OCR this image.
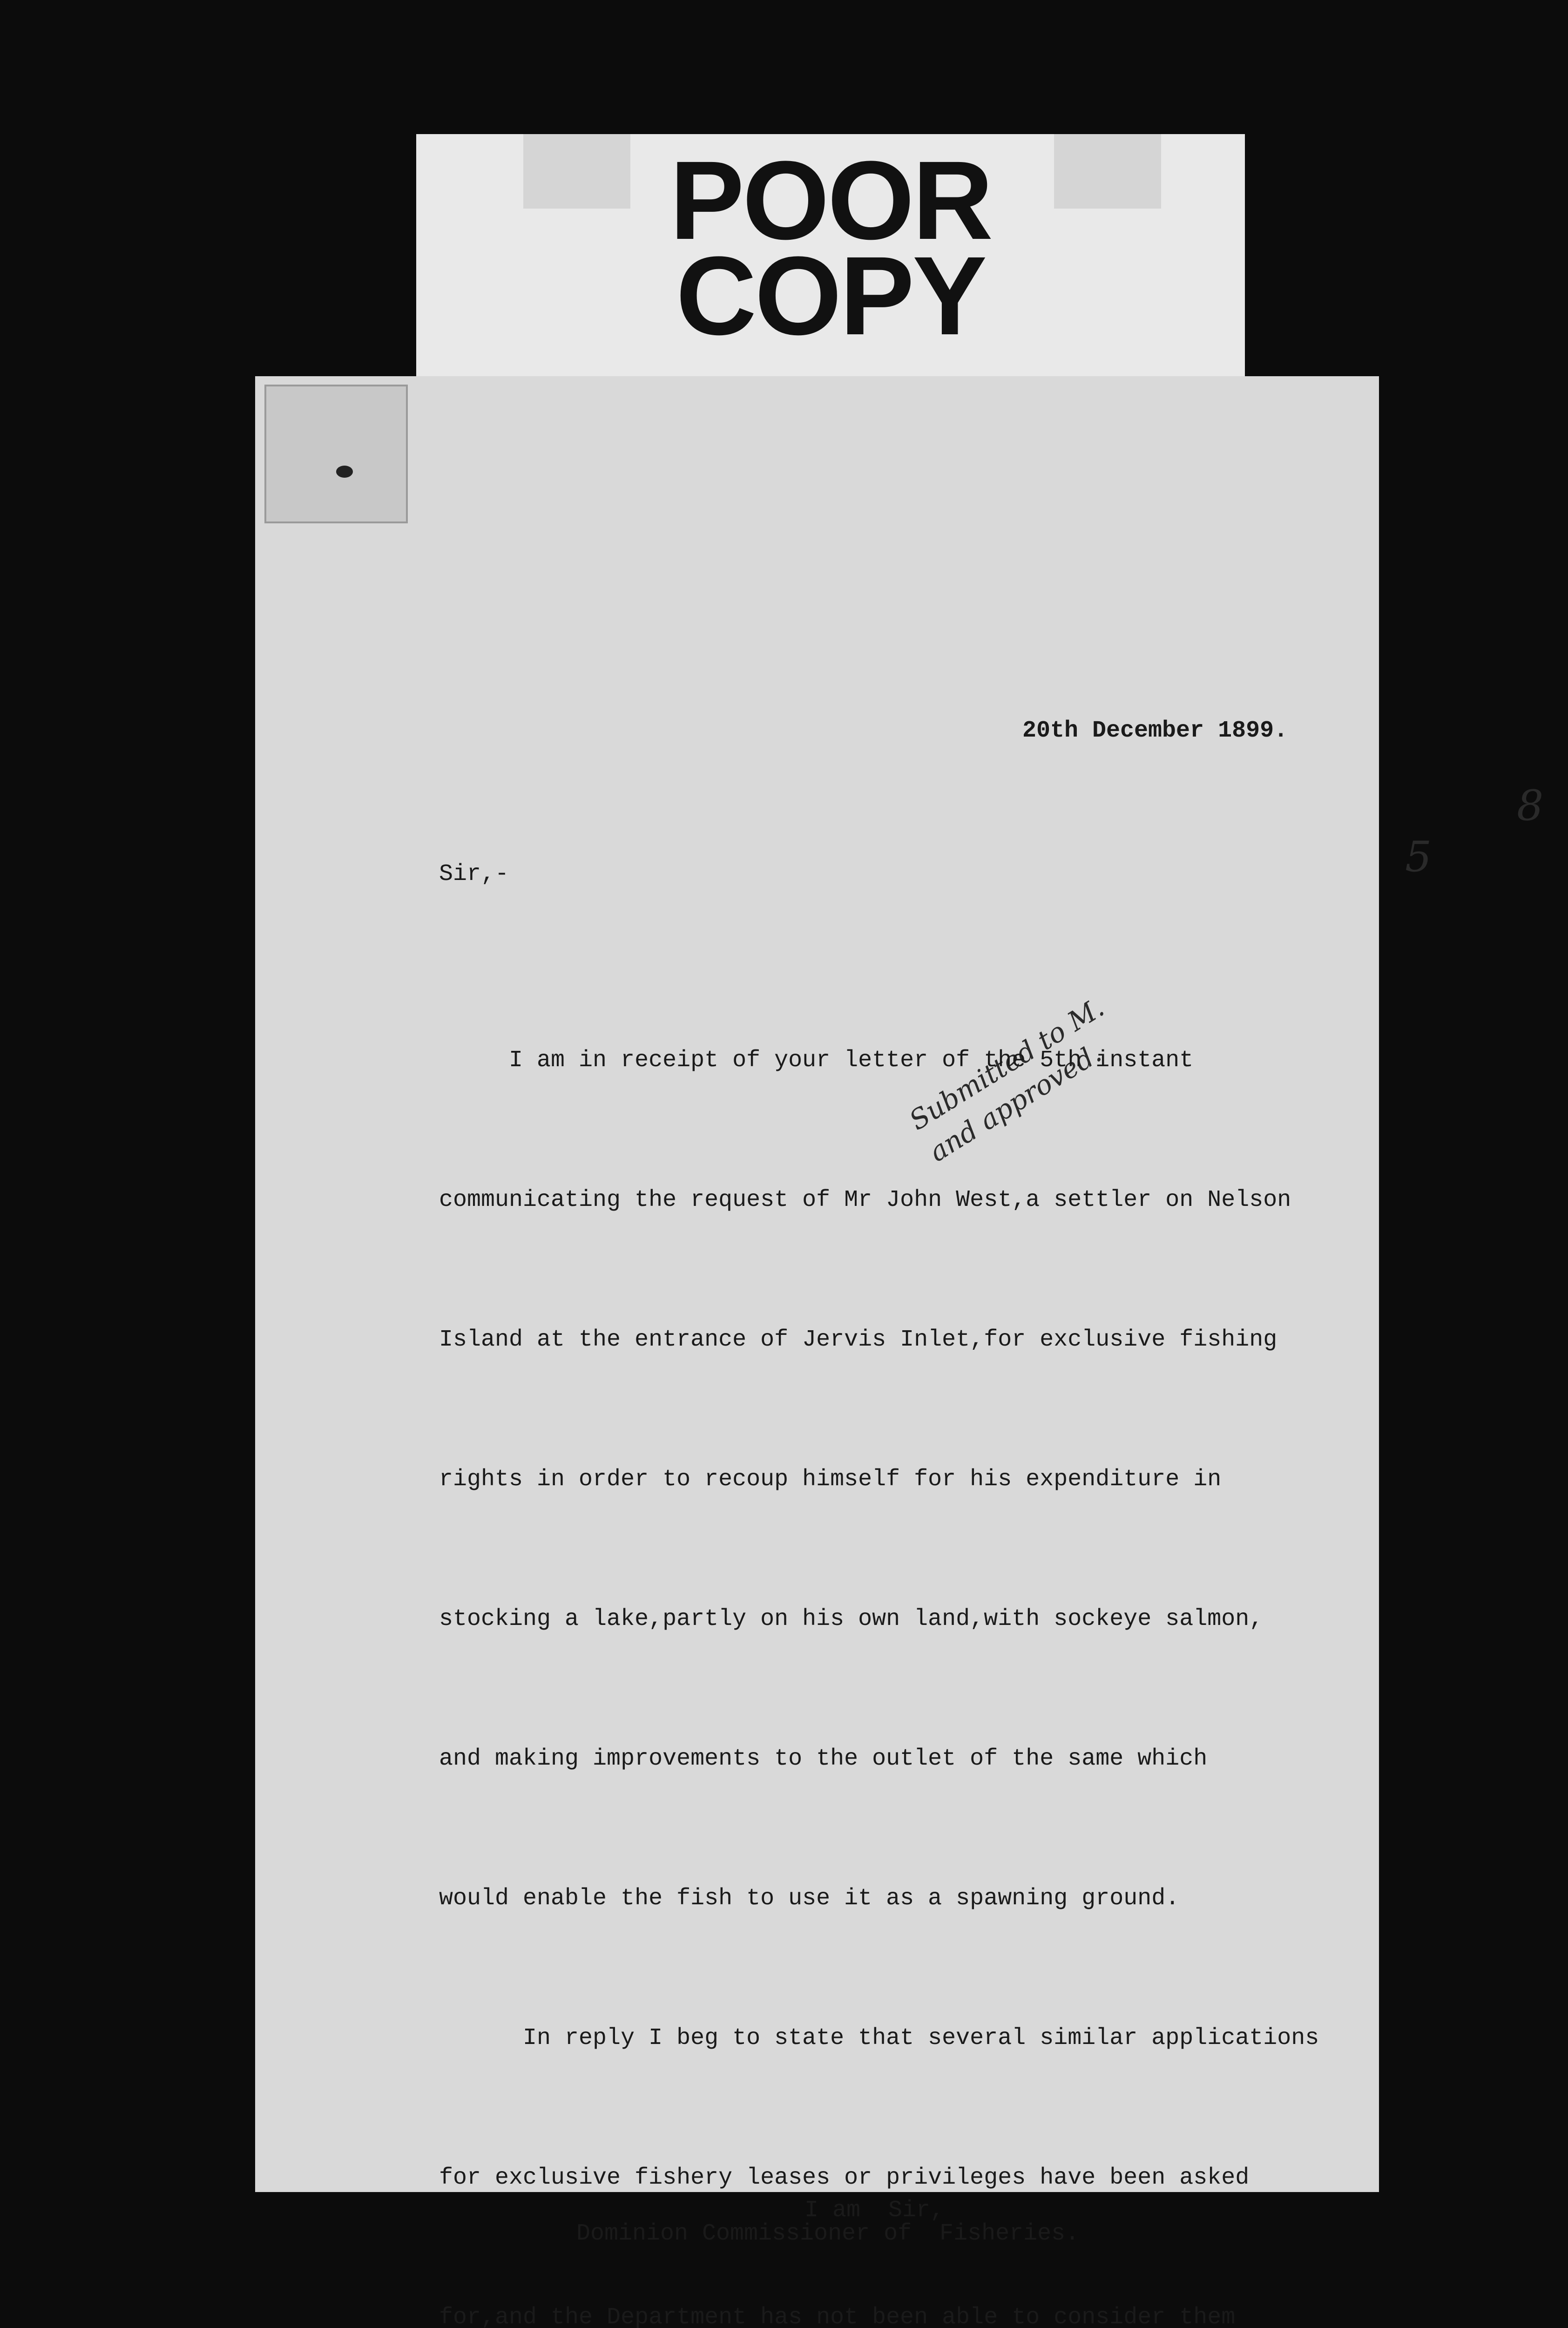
POOR
COPY
5
8
20th December 1899.
Submitted to M. and approved.
Sir,-

I am in receipt of your letter of the 5th instant

communicating the request of Mr John West,a settler on Nelson

Island at the entrance of Jervis Inlet,for exclusive fishing

rights in order to recoup himself for his expenditure in

stocking a lake,partly on his own land,with sockeye salmon,

and making improvements to the outlet of the same which

would enable the fish to use it as a spawning ground.

In reply I beg to state that several similar applications

for exclusive fishery leases or privileges have been asked

for,and the Department has not been able to consider them

I am  Sir,

Dominion Commissioner of  Fisheries.
